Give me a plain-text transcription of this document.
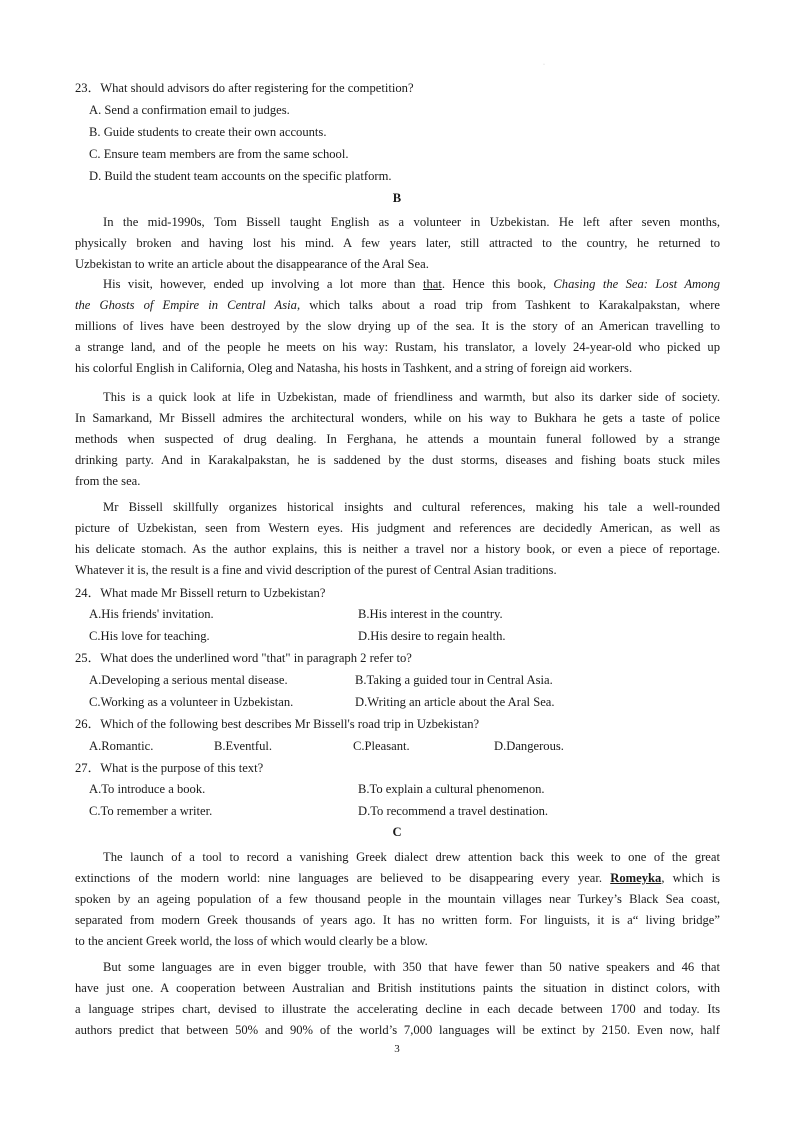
·
23．What should advisors do after registering for the competition?
A. Send a confirmation email to judges.
B. Guide students to create their own accounts.
C. Ensure team members are from the same school.
D. Build the student team accounts on the specific platform.
B
In the mid-1990s, Tom Bissell taught English as a volunteer in Uzbekistan. He left after seven months,
physically broken and having lost his mind. A few years later, still attracted to the country, he returned to
Uzbekistan to write an article about the disappearance of the Aral Sea.
His visit, however, ended up involving a lot more than that. Hence this book, Chasing the Sea: Lost Among
the Ghosts of Empire in Central Asia, which talks about a road trip from Tashkent to Karakalpakstan, where
millions of lives have been destroyed by the slow drying up of the sea. It is the story of an American travelling to
a strange land, and of the people he meets on his way: Rustam, his translator, a lovely 24-year-old who picked up
his colorful English in California, Oleg and Natasha, his hosts in Tashkent, and a string of foreign aid workers.
This is a quick look at life in Uzbekistan, made of friendliness and warmth, but also its darker side of society.
In Samarkand, Mr Bissell admires the architectural wonders, while on his way to Bukhara he gets a taste of police
methods when suspected of drug dealing. In Ferghana, he attends a mountain funeral followed by a strange
drinking party. And in Karakalpakstan, he is saddened by the dust storms, diseases and fishing boats stuck miles
from the sea.
Mr Bissell skillfully organizes historical insights and cultural references, making his tale a well-rounded
picture of Uzbekistan, seen from Western eyes. His judgment and references are decidedly American, as well as
his delicate stomach. As the author explains, this is neither a travel nor a history book, or even a piece of reportage.
Whatever it is, the result is a fine and vivid description of the purest of Central Asian traditions.
24．What made Mr Bissell return to Uzbekistan?
A.His friends' invitation.	B.His interest in the country.
C.His love for teaching.	D.His desire to regain health.
25．What does the underlined word "that" in paragraph 2 refer to?
A.Developing a serious mental disease.	B.Taking a guided tour in Central Asia.
C.Working as a volunteer in Uzbekistan.	D.Writing an article about the Aral Sea.
26．Which of the following best describes Mr Bissell's road trip in Uzbekistan?
A.Romantic.	B.Eventful.	C.Pleasant.	D.Dangerous.
27．What is the purpose of this text?
A.To introduce a book.	B.To explain a cultural phenomenon.
C.To remember a writer.	D.To recommend a travel destination.
C
The launch of a tool to record a vanishing Greek dialect drew attention back this week to one of the great
extinctions of the modern world: nine languages are believed to be disappearing every year. Romeyka, which is
spoken by an ageing population of a few thousand people in the mountain villages near Turkey’s Black Sea coast,
separated from modern Greek thousands of years ago. It has no written form. For linguists, it is a“ living bridge”
to the ancient Greek world, the loss of which would clearly be a blow.
But some languages are in even bigger trouble, with 350 that have fewer than 50 native speakers and 46 that
have just one. A cooperation between Australian and British institutions paints the situation in distinct colors, with
a language stripes chart, devised to illustrate the accelerating decline in each decade between 1700 and today. Its
authors predict that between 50% and 90% of the world’s 7,000 languages will be extinct by 2150. Even now, half
3
